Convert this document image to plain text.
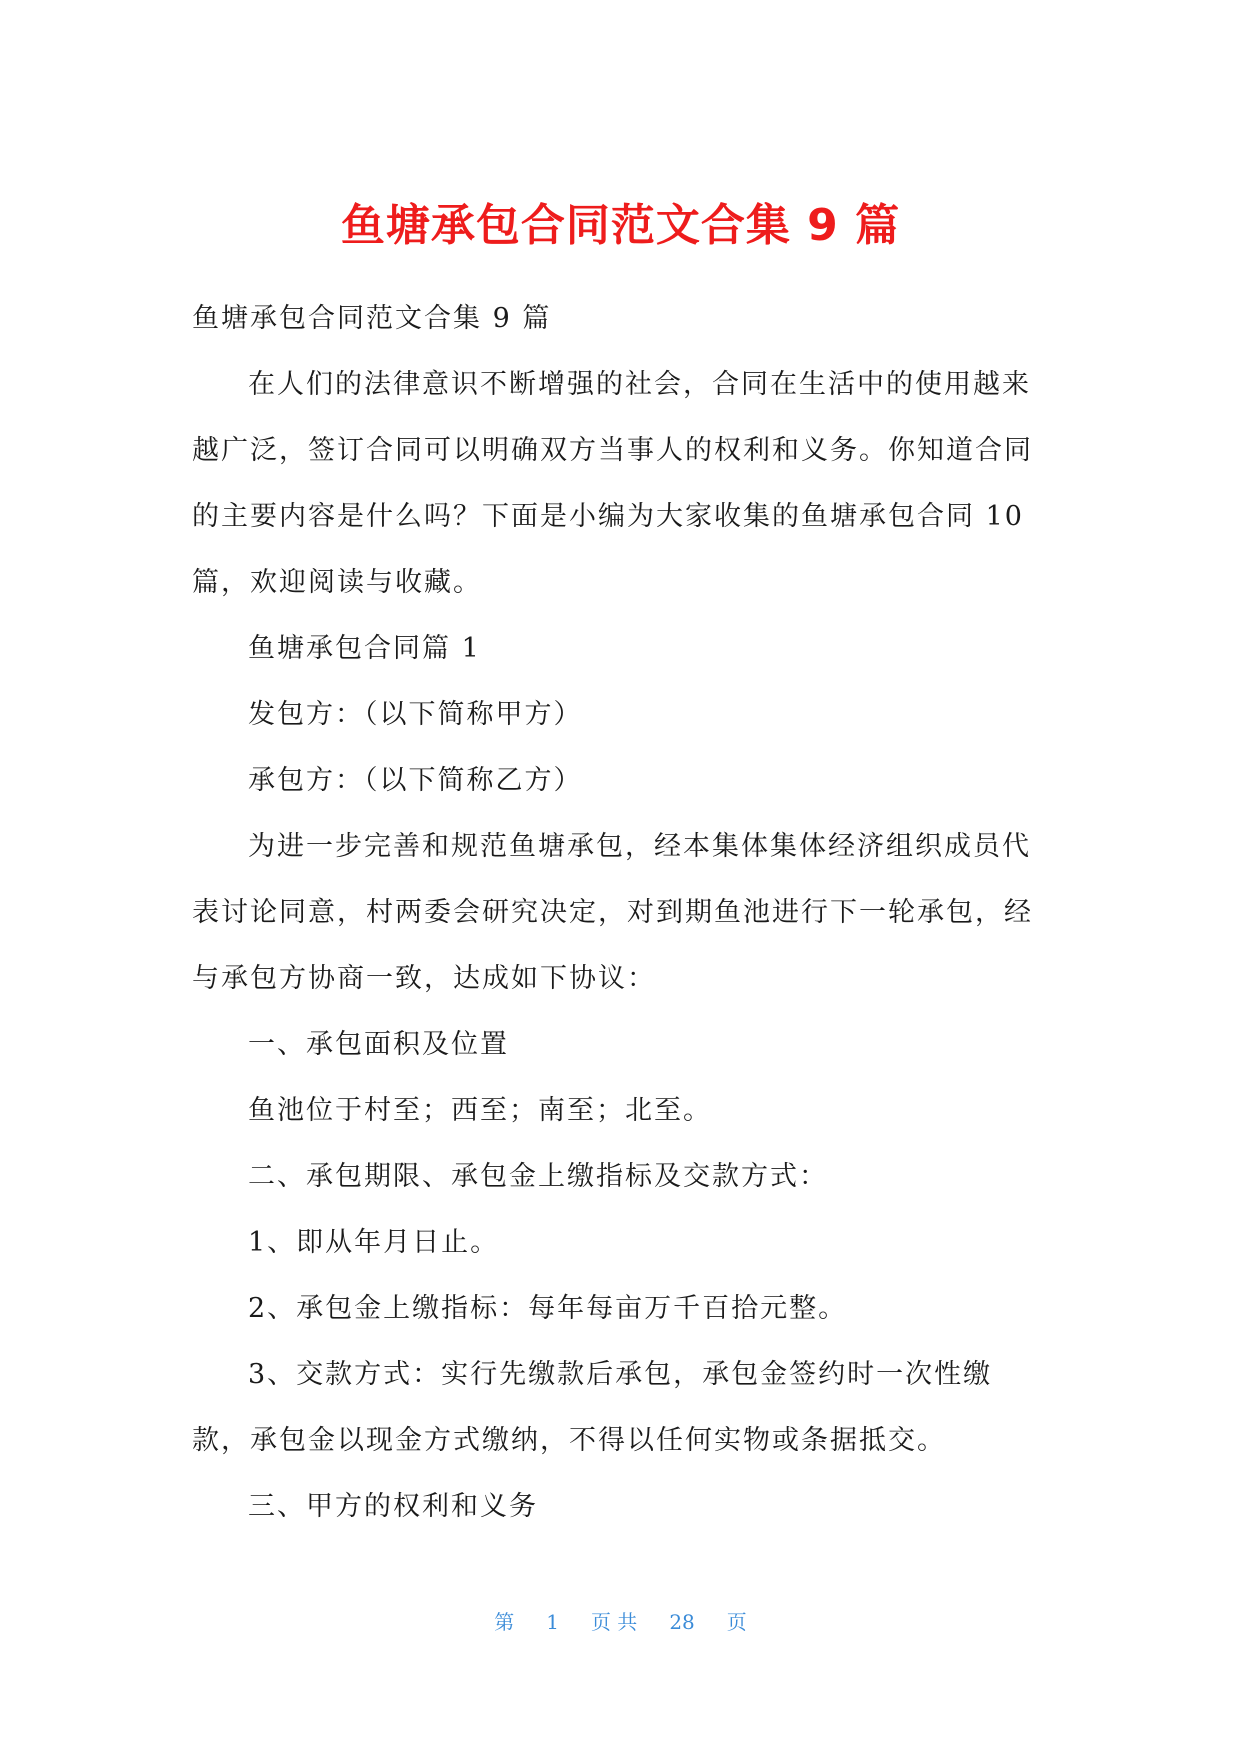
鱼塘承包合同范文合集 9 篇

鱼塘承包合同范文合集 9 篇

在人们的法律意识不断增强的社会，合同在生活中的使用越来越广泛，签订合同可以明确双方当事人的权利和义务。你知道合同的主要内容是什么吗？下面是小编为大家收集的鱼塘承包合同 10 篇，欢迎阅读与收藏。

鱼塘承包合同篇 1

发包方：（以下简称甲方）

承包方：（以下简称乙方）

为进一步完善和规范鱼塘承包，经本集体集体经济组织成员代表讨论同意，村两委会研究决定，对到期鱼池进行下一轮承包，经与承包方协商一致，达成如下协议：

一、承包面积及位置

鱼池位于村至；西至；南至；北至。

二、承包期限、承包金上缴指标及交款方式：

1、即从年月日止。

2、承包金上缴指标：每年每亩万千百拾元整。

3、交款方式：实行先缴款后承包，承包金签约时一次性缴款，承包金以现金方式缴纳，不得以任何实物或条据抵交。

三、甲方的权利和义务

第 1 页 共 28 页
